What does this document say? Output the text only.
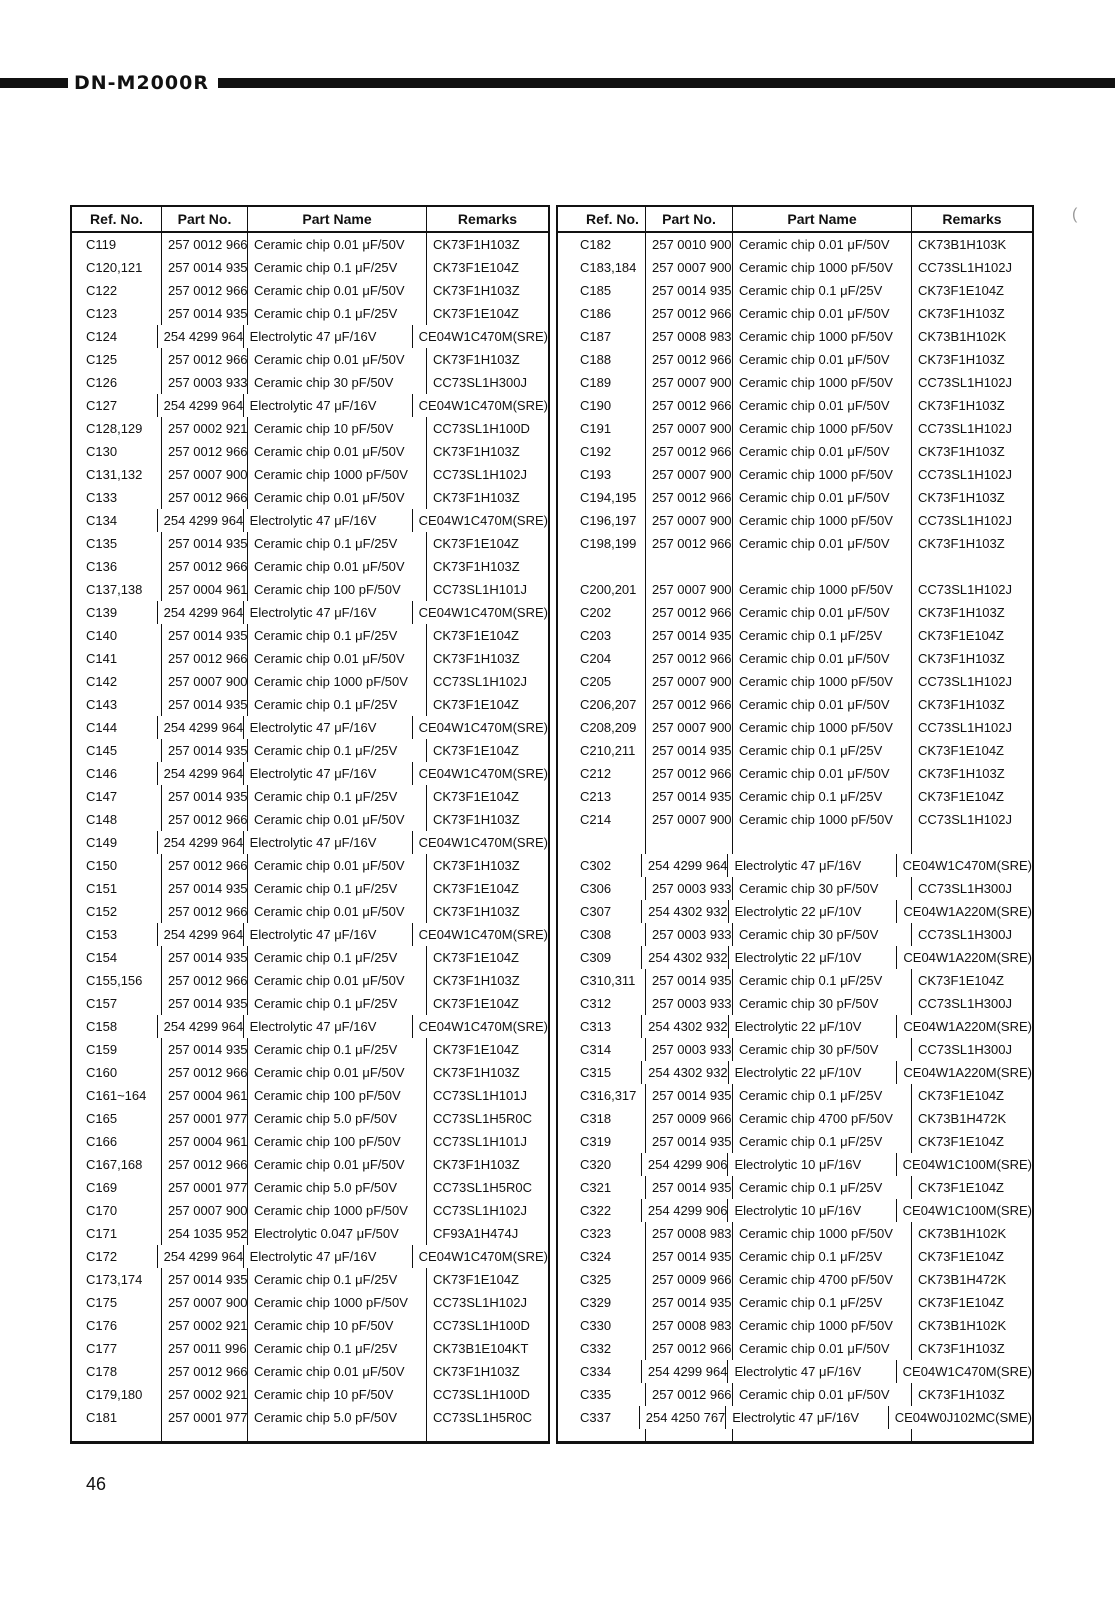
DN-M2000R
(
Ref. No.	Part No.	Part Name	Remarks
C119	257 0012 966 Ceramic chip 0.01 μF/50V	CK73F1H103Z
C120,121	257 0014 935 Ceramic chip 0.1 μF/25V	CK73F1E104Z
C122	257 0012 966 Ceramic chip 0.01 μF/50V	CK73F1H103Z
C123	257 0014 935 Ceramic chip 0.1 μF/25V	CK73F1E104Z
C124	254 4299 964 Electrolytic 47 μF/16V	CE04W1C470M(SRE)
C125	257 0012 966 Ceramic chip 0.01 μF/50V	CK73F1H103Z
C126	257 0003 933 Ceramic chip 30 pF/50V	CC73SL1H300J
C127	254 4299 964 Electrolytic 47 μF/16V	CE04W1C470M(SRE)
C128,129	257 0002 921 Ceramic chip 10 pF/50V	CC73SL1H100D
C130	257 0012 966 Ceramic chip 0.01 μF/50V	CK73F1H103Z
C131,132	257 0007 900 Ceramic chip 1000 pF/50V	CC73SL1H102J
C133	257 0012 966 Ceramic chip 0.01 μF/50V	CK73F1H103Z
C134	254 4299 964 Electrolytic 47 μF/16V	CE04W1C470M(SRE)
C135	257 0014 935 Ceramic chip 0.1 μF/25V	CK73F1E104Z
C136	257 0012 966 Ceramic chip 0.01 μF/50V	CK73F1H103Z
C137,138	257 0004 961 Ceramic chip 100 pF/50V	CC73SL1H101J
C139	254 4299 964 Electrolytic 47 μF/16V	CE04W1C470M(SRE)
C140	257 0014 935 Ceramic chip 0.1 μF/25V	CK73F1E104Z
C141	257 0012 966 Ceramic chip 0.01 μF/50V	CK73F1H103Z
C142	257 0007 900 Ceramic chip 1000 pF/50V	CC73SL1H102J
C143	257 0014 935 Ceramic chip 0.1 μF/25V	CK73F1E104Z
C144	254 4299 964 Electrolytic 47 μF/16V	CE04W1C470M(SRE)
C145	257 0014 935 Ceramic chip 0.1 μF/25V	CK73F1E104Z
C146	254 4299 964 Electrolytic 47 μF/16V	CE04W1C470M(SRE)
C147	257 0014 935 Ceramic chip 0.1 μF/25V	CK73F1E104Z
C148	257 0012 966 Ceramic chip 0.01 μF/50V	CK73F1H103Z
C149	254 4299 964 Electrolytic 47 μF/16V	CE04W1C470M(SRE)
C150	257 0012 966 Ceramic chip 0.01 μF/50V	CK73F1H103Z
C151	257 0014 935 Ceramic chip 0.1 μF/25V	CK73F1E104Z
C152	257 0012 966 Ceramic chip 0.01 μF/50V	CK73F1H103Z
C153	254 4299 964 Electrolytic 47 μF/16V	CE04W1C470M(SRE)
C154	257 0014 935 Ceramic chip 0.1 μF/25V	CK73F1E104Z
C155,156	257 0012 966 Ceramic chip 0.01 μF/50V	CK73F1H103Z
C157	257 0014 935 Ceramic chip 0.1 μF/25V	CK73F1E104Z
C158	254 4299 964 Electrolytic 47 μF/16V	CE04W1C470M(SRE)
C159	257 0014 935 Ceramic chip 0.1 μF/25V	CK73F1E104Z
C160	257 0012 966 Ceramic chip 0.01 μF/50V	CK73F1H103Z
C161~164	257 0004 961 Ceramic chip 100 pF/50V	CC73SL1H101J
C165	257 0001 977 Ceramic chip 5.0 pF/50V	CC73SL1H5R0C
C166	257 0004 961 Ceramic chip 100 pF/50V	CC73SL1H101J
C167,168	257 0012 966 Ceramic chip 0.01 μF/50V	CK73F1H103Z
C169	257 0001 977 Ceramic chip 5.0 pF/50V	CC73SL1H5R0C
C170	257 0007 900 Ceramic chip 1000 pF/50V	CC73SL1H102J
C171	254 1035 952 Electrolytic 0.047 μF/50V	CF93A1H474J
C172	254 4299 964 Electrolytic 47 μF/16V	CE04W1C470M(SRE)
C173,174	257 0014 935 Ceramic chip 0.1 μF/25V	CK73F1E104Z
C175	257 0007 900 Ceramic chip 1000 pF/50V	CC73SL1H102J
C176	257 0002 921 Ceramic chip 10 pF/50V	CC73SL1H100D
C177	257 0011 996 Ceramic chip 0.1 μF/25V	CK73B1E104KT
C178	257 0012 966 Ceramic chip 0.01 μF/50V	CK73F1H103Z
C179,180	257 0002 921 Ceramic chip 10 pF/50V	CC73SL1H100D
C181	257 0001 977 Ceramic chip 5.0 pF/50V	CC73SL1H5R0C
Ref. No.	Part No.	Part Name	Remarks
C182	257 0010 900 Ceramic chip 0.01 μF/50V	CK73B1H103K
C183,184	257 0007 900 Ceramic chip 1000 pF/50V	CC73SL1H102J
C185	257 0014 935 Ceramic chip 0.1 μF/25V	CK73F1E104Z
C186	257 0012 966 Ceramic chip 0.01 μF/50V	CK73F1H103Z
C187	257 0008 983 Ceramic chip 1000 pF/50V	CK73B1H102K
C188	257 0012 966 Ceramic chip 0.01 μF/50V	CK73F1H103Z
C189	257 0007 900 Ceramic chip 1000 pF/50V	CC73SL1H102J
C190	257 0012 966 Ceramic chip 0.01 μF/50V	CK73F1H103Z
C191	257 0007 900 Ceramic chip 1000 pF/50V	CC73SL1H102J
C192	257 0012 966 Ceramic chip 0.01 μF/50V	CK73F1H103Z
C193	257 0007 900 Ceramic chip 1000 pF/50V	CC73SL1H102J
C194,195	257 0012 966 Ceramic chip 0.01 μF/50V	CK73F1H103Z
C196,197	257 0007 900 Ceramic chip 1000 pF/50V	CC73SL1H102J
C198,199	257 0012 966 Ceramic chip 0.01 μF/50V	CK73F1H103Z
C200,201	257 0007 900 Ceramic chip 1000 pF/50V	CC73SL1H102J
C202	257 0012 966 Ceramic chip 0.01 μF/50V	CK73F1H103Z
C203	257 0014 935 Ceramic chip 0.1 μF/25V	CK73F1E104Z
C204	257 0012 966 Ceramic chip 0.01 μF/50V	CK73F1H103Z
C205	257 0007 900 Ceramic chip 1000 pF/50V	CC73SL1H102J
C206,207	257 0012 966 Ceramic chip 0.01 μF/50V	CK73F1H103Z
C208,209	257 0007 900 Ceramic chip 1000 pF/50V	CC73SL1H102J
C210,211	257 0014 935 Ceramic chip 0.1 μF/25V	CK73F1E104Z
C212	257 0012 966 Ceramic chip 0.01 μF/50V	CK73F1H103Z
C213	257 0014 935 Ceramic chip 0.1 μF/25V	CK73F1E104Z
C214	257 0007 900 Ceramic chip 1000 pF/50V	CC73SL1H102J
C302	254 4299 964 Electrolytic 47 μF/16V	CE04W1C470M(SRE)
C306	257 0003 933 Ceramic chip 30 pF/50V	CC73SL1H300J
C307	254 4302 932 Electrolytic 22 μF/10V	CE04W1A220M(SRE)
C308	257 0003 933 Ceramic chip 30 pF/50V	CC73SL1H300J
C309	254 4302 932 Electrolytic 22 μF/10V	CE04W1A220M(SRE)
C310,311	257 0014 935 Ceramic chip 0.1 μF/25V	CK73F1E104Z
C312	257 0003 933 Ceramic chip 30 pF/50V	CC73SL1H300J
C313	254 4302 932 Electrolytic 22 μF/10V	CE04W1A220M(SRE)
C314	257 0003 933 Ceramic chip 30 pF/50V	CC73SL1H300J
C315	254 4302 932 Electrolytic 22 μF/10V	CE04W1A220M(SRE)
C316,317	257 0014 935 Ceramic chip 0.1 μF/25V	CK73F1E104Z
C318	257 0009 966 Ceramic chip 4700 pF/50V	CK73B1H472K
C319	257 0014 935 Ceramic chip 0.1 μF/25V	CK73F1E104Z
C320	254 4299 906 Electrolytic 10 μF/16V	CE04W1C100M(SRE)
C321	257 0014 935 Ceramic chip 0.1 μF/25V	CK73F1E104Z
C322	254 4299 906 Electrolytic 10 μF/16V	CE04W1C100M(SRE)
C323	257 0008 983 Ceramic chip 1000 pF/50V	CK73B1H102K
C324	257 0014 935 Ceramic chip 0.1 μF/25V	CK73F1E104Z
C325	257 0009 966 Ceramic chip 4700 pF/50V	CK73B1H472K
C329	257 0014 935 Ceramic chip 0.1 μF/25V	CK73F1E104Z
C330	257 0008 983 Ceramic chip 1000 pF/50V	CK73B1H102K
C332	257 0012 966 Ceramic chip 0.01 μF/50V	CK73F1H103Z
C334	254 4299 964 Electrolytic 47 μF/16V	CE04W1C470M(SRE)
C335	257 0012 966 Ceramic chip 0.01 μF/50V	CK73F1H103Z
C337	254 4250 767 Electrolytic 47 μF/16V	CE04W0J102MC(SME)
46
